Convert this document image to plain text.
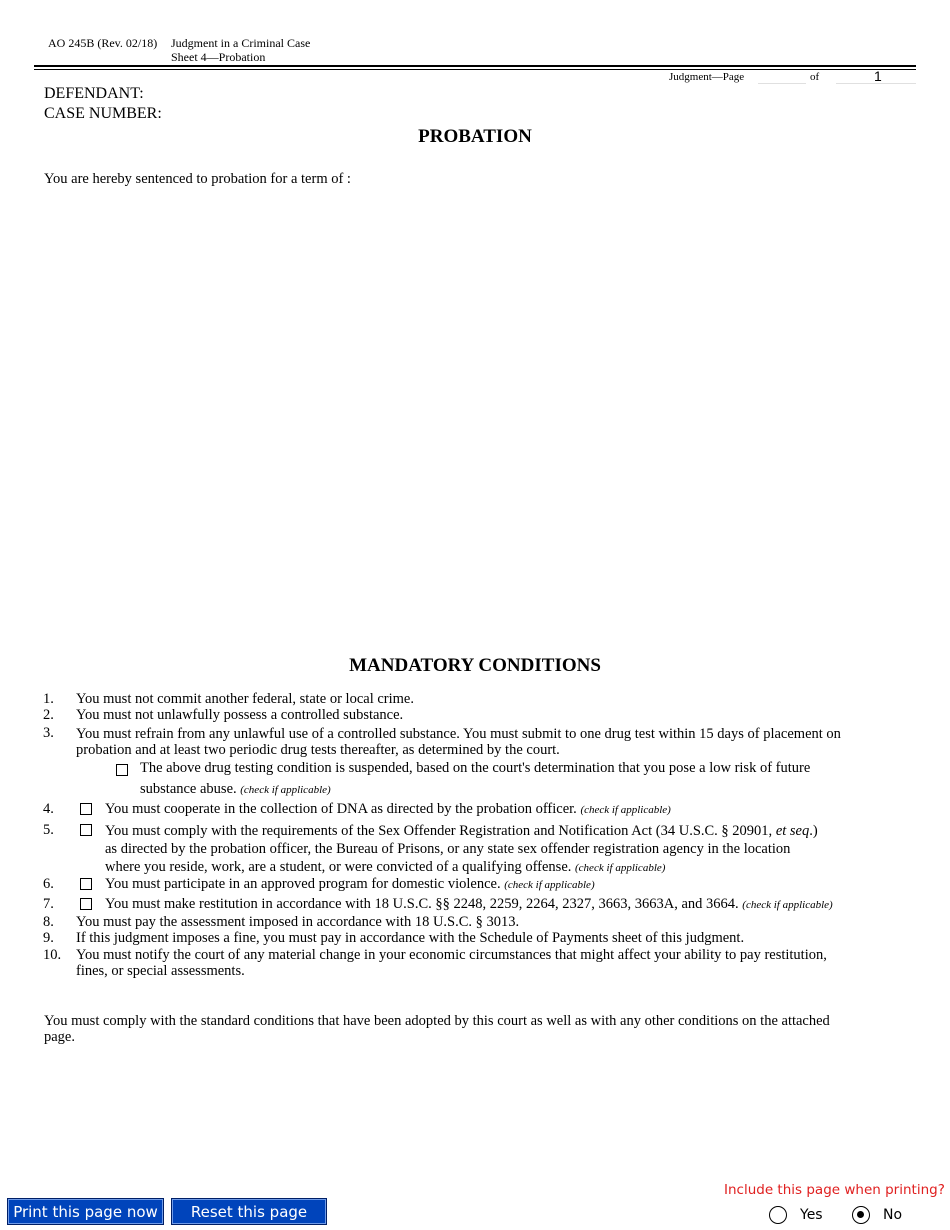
AO 245B (Rev. 02/18) Judgment in a Criminal Case
Sheet 4—Probation
Judgment—Page	of	1
DEFENDANT:
CASE NUMBER:
PROBATION
You are hereby sentenced to probation for a term of :
MANDATORY CONDITIONS
1. You must not commit another federal, state or local crime.
2. You must not unlawfully possess a controlled substance.
3. You must refrain from any unlawful use of a controlled substance. You must submit to one drug test within 15 days of placement on
probation and at least two periodic drug tests thereafter, as determined by the court.
The above drug testing condition is suspended, based on the court's determination that you pose a low risk of future
substance abuse. (check if applicable)
4.	You must cooperate in the collection of DNA as directed by the probation officer. (check if applicable)
5.	You must comply with the requirements of the Sex Offender Registration and Notification Act (34 U.S.C. § 20901, et seq.)
as directed by the probation officer, the Bureau of Prisons, or any state sex offender registration agency in the location
where you reside, work, are a student, or were convicted of a qualifying offense. (check if applicable)
6.	You must participate in an approved program for domestic violence. (check if applicable)
7.	You must make restitution in accordance with 18 U.S.C. §§ 2248, 2259, 2264, 2327, 3663, 3663A, and 3664. (check if applicable)
8. You must pay the assessment imposed in accordance with 18 U.S.C. § 3013.
9. If this judgment imposes a fine, you must pay in accordance with the Schedule of Payments sheet of this judgment.
10. You must notify the court of any material change in your economic circumstances that might affect your ability to pay restitution,
fines, or special assessments.
You must comply with the standard conditions that have been adopted by this court as well as with any other conditions on the attached
page.
Print this page now	Reset this page
Include this page when printing?
Yes	No
